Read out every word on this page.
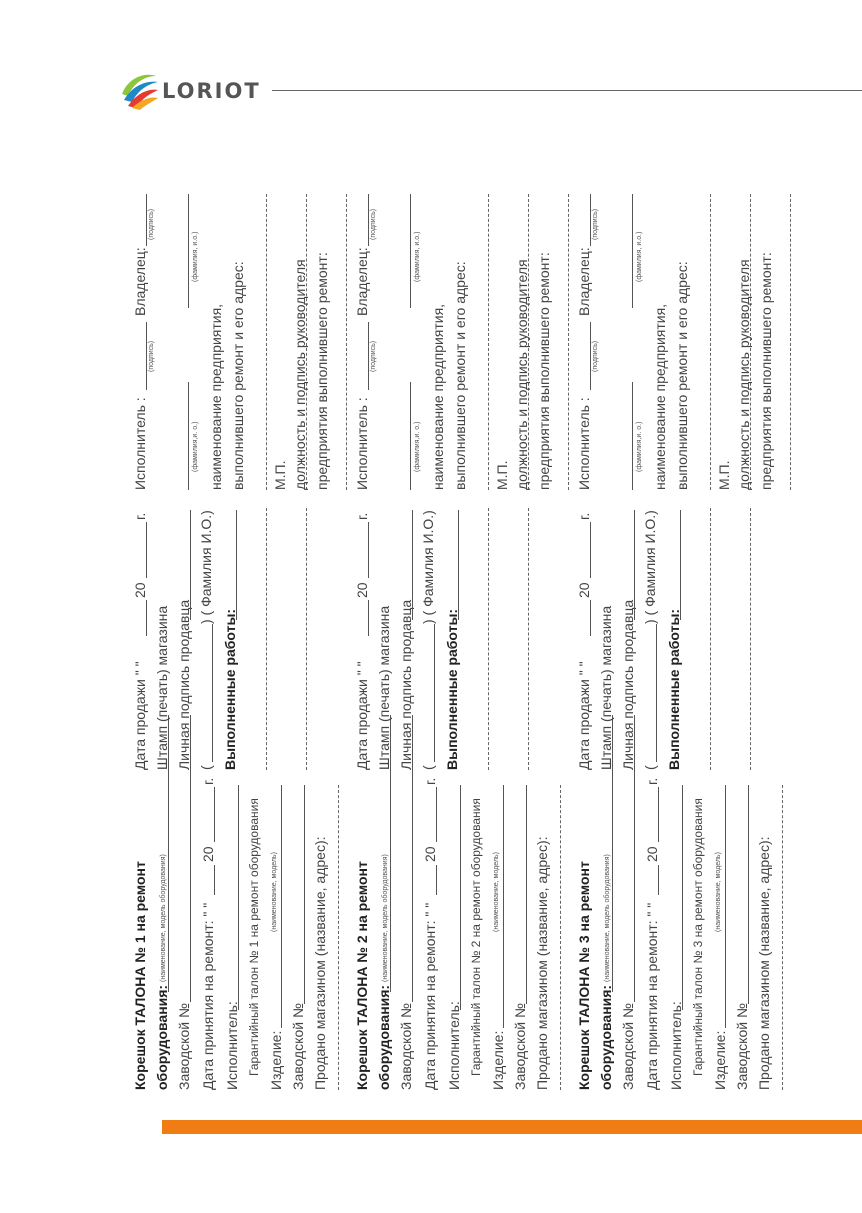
LORIOT
Корешок ТАЛОНА № 1 на ремонт оборудования:
(наименование, модель оборудования)
Заводской № Дата принятия на ремонт: " "
20
г.
Исполнитель: Гарантийный талон № 1 на ремонт оборудования Изделие:
(наименование, модель)
Заводской № Продано магазином (название, адрес):
Дата продажи " "
20
г.
Штамп (печать) магазина Личная подпись продавца (
) ( Фамилия И.О.)
Выполненные работы:
Исполнитель :
(подпись)
Владелец:
(подпись)
(фамилия,и. о.)
(фамилия, и.о.)
наименование предприятия, выполнившего ремонт и его адрес: М.П. должность и подпись руководителя предприятия выполнившего ремонт:
Корешок ТАЛОНА № 2 на ремонт оборудования:
(наименование, модель оборудования)
Заводской № Дата принятия на ремонт: " "
20
г.
Исполнитель: Гарантийный талон № 2 на ремонт оборудования Изделие:
(наименование, модель)
Заводской № Продано магазином (название, адрес):
Дата продажи " "
20
г.
Штамп (печать) магазина Личная подпись продавца (
) ( Фамилия И.О.)
Выполненные работы:
Исполнитель :
(подпись)
Владелец:
(подпись)
(фамилия,и. о.)
(фамилия, и.о.)
наименование предприятия, выполнившего ремонт и его адрес: М.П. должность и подпись руководителя предприятия выполнившего ремонт:
Корешок ТАЛОНА № 3 на ремонт оборудования:
(наименование, модель оборудования)
Заводской № Дата принятия на ремонт: " "
20
г.
Исполнитель: Гарантийный талон № 3 на ремонт оборудования Изделие:
(наименование, модель)
Заводской № Продано магазином (название, адрес):
Дата продажи " "
20
г.
Штамп (печать) магазина Личная подпись продавца (
) ( Фамилия И.О.)
Выполненные работы:
Исполнитель :
(подпись)
Владелец:
(подпись)
(фамилия,и. о.)
(фамилия, и.о.)
наименование предприятия, выполнившего ремонт и его адрес: М.П. должность и подпись руководителя предприятия выполнившего ремонт:
